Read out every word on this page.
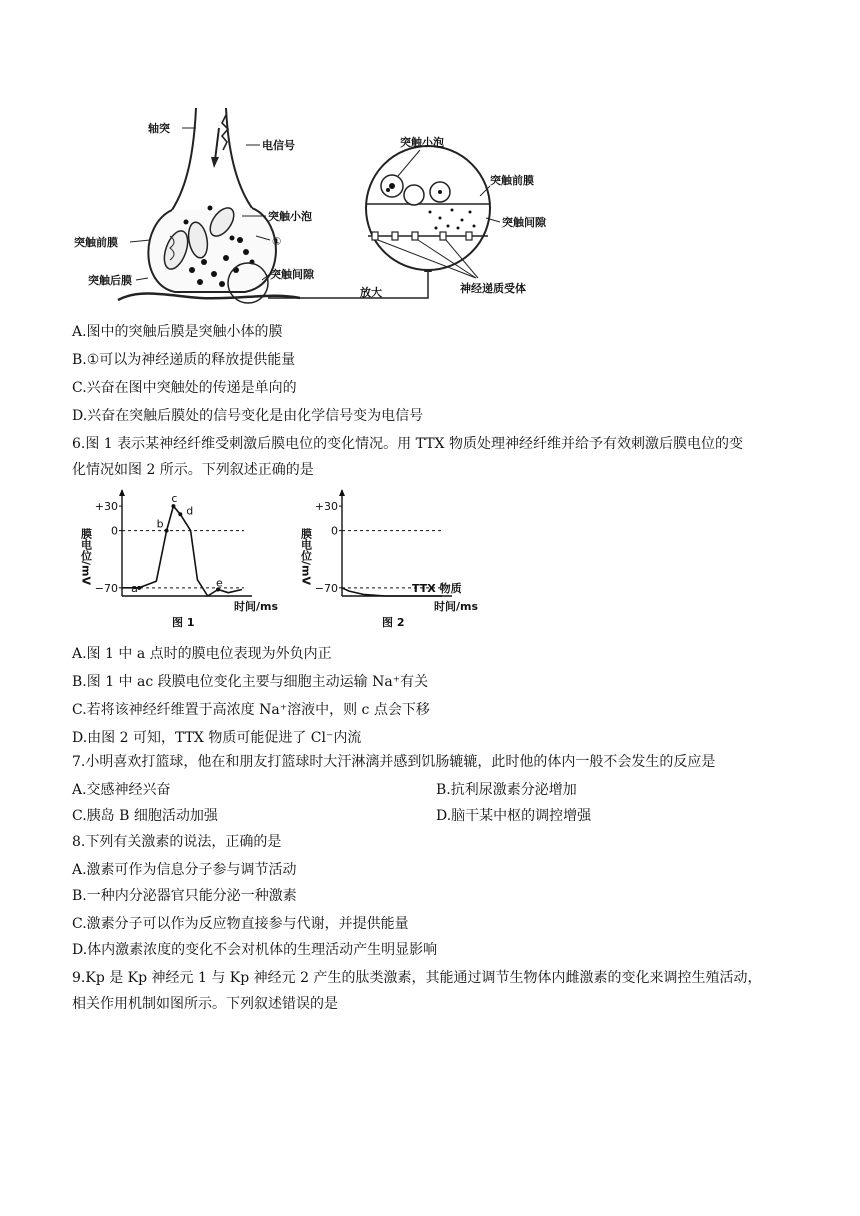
轴突
电信号
突触小泡
①
突触前膜
突触后膜	突触间隙
放大
突触小泡
突触前膜
突触间隙
神经递质受体
A.图中的突触后膜是突触小体的膜
B.①可以为神经递质的释放提供能量
C.兴奋在图中突触处的传递是单向的
D.兴奋在突触后膜处的信号变化是由化学信号变为电信号
6.图 1 表示某神经纤维受刺激后膜电位的变化情况。用 TTX 物质处理神经纤维并给予有效刺激后膜电位的变
化情况如图 2 所示。下列叙述正确的是
+30
0
−70
膜电位/mV
时间/ms
图 1
a
b
c
d
e
+30
0
−70
膜电位/mV
时间/ms
图 2
TTX 物质
A.图 1 中 a 点时的膜电位表现为外负内正
B.图 1 中 ac 段膜电位变化主要与细胞主动运输 Na⁺有关
C.若将该神经纤维置于高浓度 Na⁺溶液中，则 c 点会下移
D.由图 2 可知，TTX 物质可能促进了 Cl⁻内流
7.小明喜欢打篮球，他在和朋友打篮球时大汗淋漓并感到饥肠辘辘，此时他的体内一般不会发生的反应是
A.交感神经兴奋	B.抗利尿激素分泌增加
C.胰岛 B 细胞活动加强	D.脑干某中枢的调控增强
8.下列有关激素的说法，正确的是
A.激素可作为信息分子参与调节活动
B.一种内分泌器官只能分泌一种激素
C.激素分子可以作为反应物直接参与代谢，并提供能量
D.体内激素浓度的变化不会对机体的生理活动产生明显影响
9.Kp 是 Kp 神经元 1 与 Kp 神经元 2 产生的肽类激素，其能通过调节生物体内雌激素的变化来调控生殖活动，
相关作用机制如图所示。下列叙述错误的是
